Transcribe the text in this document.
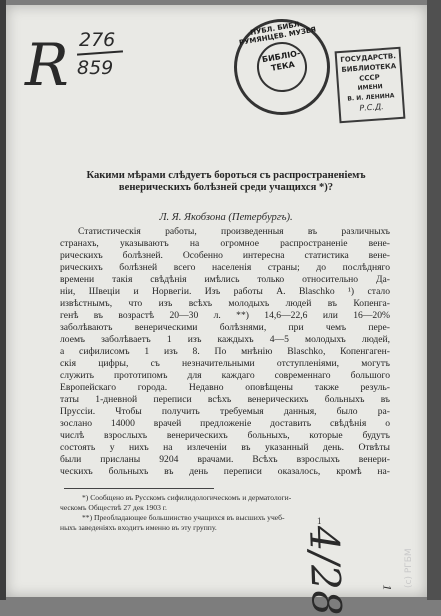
R 276
859
ПУБЛ. БИБЛ. РУМЯНЦЕВ. МУЗЕЯ
БИБЛІО-ТЕКА
ГОСУДАРСТВ.
БИБЛИОТЕКА
СССР
ИМЕНИ
В. И. ЛЕНИНА
Р.С.Д.
Какими мѣрами слѣдуетъ бороться съ распространеніемъ венерическихъ болѣзней среди учащихся *)?
Л. Я. Якобзона (Петербургъ).
Статистическія работы, произведенныя въ различныхъ
странахъ, указываютъ на огромное распространеніе вене-
рическихъ болѣзней. Особенно интересна статистика вене-
рическихъ болѣзней всего населенія страны; до послѣдняго
времени такія свѣдѣнія имѣлись только относительно Да-
ніи, Швеціи и Норвегіи. Изъ работы А. Blaschko ¹) стало
извѣстнымъ, что изъ всѣхъ молодыхъ людей въ Копенга-
генѣ въ возрастѣ 20—30 л. **) 14,6—22,6 или 16—20%
заболѣваютъ венерическими болѣзнями, при чемъ пере-
лоемъ заболѣваетъ 1 изъ каждыхъ 4—5 молодыхъ людей,
а сифилисомъ 1 изъ 8. По мнѣнію Blaschko, Копенгаген-
скія цифры, съ незначительными отступленіями, могутъ
служить прототипомъ для каждаго современнаго большого
Европейскаго города. Недавно оповѣщены также резуль-
таты 1-дневной переписи всѣхъ венерическихъ больныхъ въ
Пруссіи. Чтобы получить требуемыя данныя, было ра-
зослано 14000 врачей предложеніе доставить свѣдѣнія о
числѣ взрослыхъ венерическихъ больныхъ, которые будутъ
состоять у нихъ на излеченіи въ указанный день. Отвѣты
были присланы 9204 врачами. Всѣхъ взрослыхъ венери-
ческихъ больныхъ въ день переписи оказалось, кромѣ на-
*) Сообщено въ Русскомъ сифилидологическомъ и дерматологи-
ческомъ Обществѣ 27 дек 1903 г.
**) Преобладающее большинство учащихся въ высшихъ учеб-
ныхъ заведеніяхъ входитъ именно въ эту группу.
1
4/28	1 (c) РГБМ
